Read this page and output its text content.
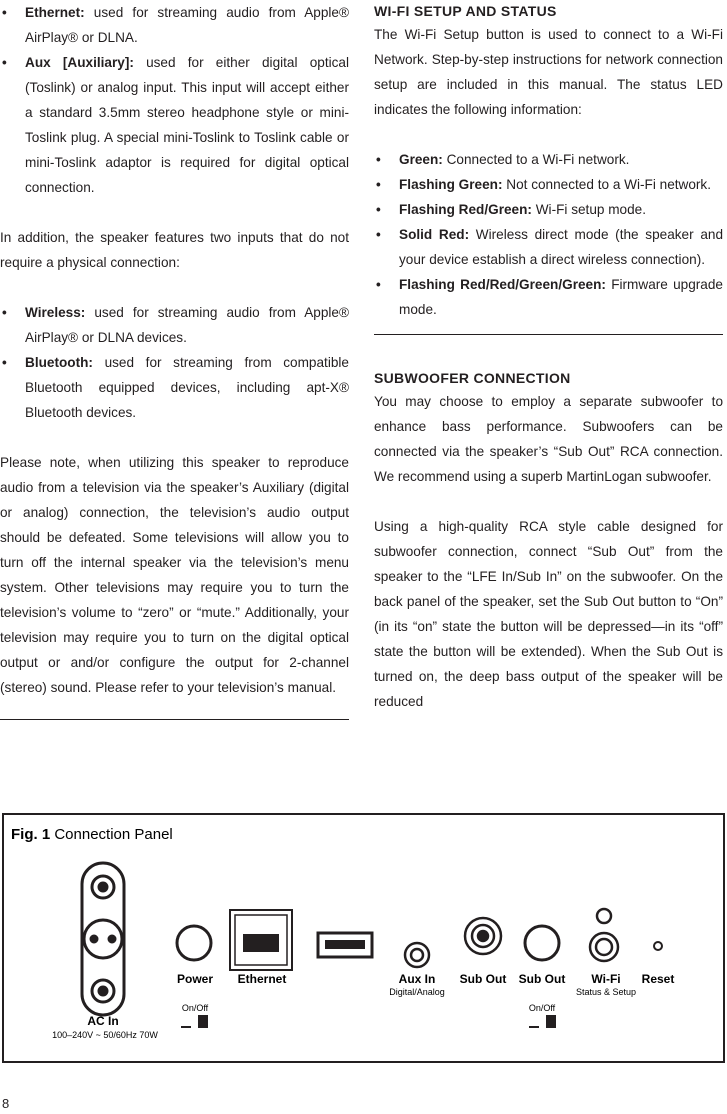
• Ethernet: used for streaming audio from Apple® AirPlay® or DLNA.
• Aux [Auxiliary]: used for either digital optical (Toslink) or analog input. This input will accept either a standard 3.5mm stereo headphone style or mini-Toslink plug. A special mini-Toslink to Toslink cable or mini-Toslink adaptor is required for digital optical connection.

In addition, the speaker features two inputs that do not require a physical connection:

• Wireless: used for streaming audio from Apple® AirPlay® or DLNA devices.
• Bluetooth: used for streaming from compatible Bluetooth equipped devices, including apt-X® Bluetooth devices.

Please note, when utilizing this speaker to reproduce audio from a television via the speaker’s Auxiliary (digital or analog) connection, the television’s audio output should be defeated. Some televisions will allow you to turn off the internal speaker via the television’s menu system. Other televisions may require you to turn the television’s volume to “zero” or “mute.” Additionally, your television may require you to turn on the digital optical output or and/or configure the output for 2-channel (stereo) sound. Please refer to your television’s manual.

WI-FI SETUP AND STATUS

The Wi-Fi Setup button is used to connect to a Wi-Fi Network. Step-by-step instructions for network connection setup are included in this manual. The status LED indicates the following information:

• Green: Connected to a Wi-Fi network.
• Flashing Green: Not connected to a Wi-Fi network.
• Flashing Red/Green: Wi-Fi setup mode.
• Solid Red: Wireless direct mode (the speaker and your device establish a direct wireless connection).
• Flashing Red/Red/Green/Green: Firmware upgrade mode.
SUBWOOFER CONNECTION

You may choose to employ a separate subwoofer to enhance bass performance. Subwoofers can be connected via the speaker’s “Sub Out” RCA connection. We recommend using a superb MartinLogan subwoofer.

Using a high-quality RCA style cable designed for subwoofer connection, connect “Sub Out” from the speaker to the “LFE In/Sub In” on the subwoofer. On the back panel of the speaker, set the Sub Out button to “On” (in its “on” state the button will be depressed—in its “off” state the button will be extended). When the Sub Out is turned on, the deep bass output of the speaker will be reduced

Fig. 1 Connection Panel
AC In
100–240V ~ 50/60Hz 70W
Power
On/Off
Ethernet	Aux In
Digital/Analog
Sub Out Sub Out
On/Off
Wi-Fi
Status & Setup
Reset
8
